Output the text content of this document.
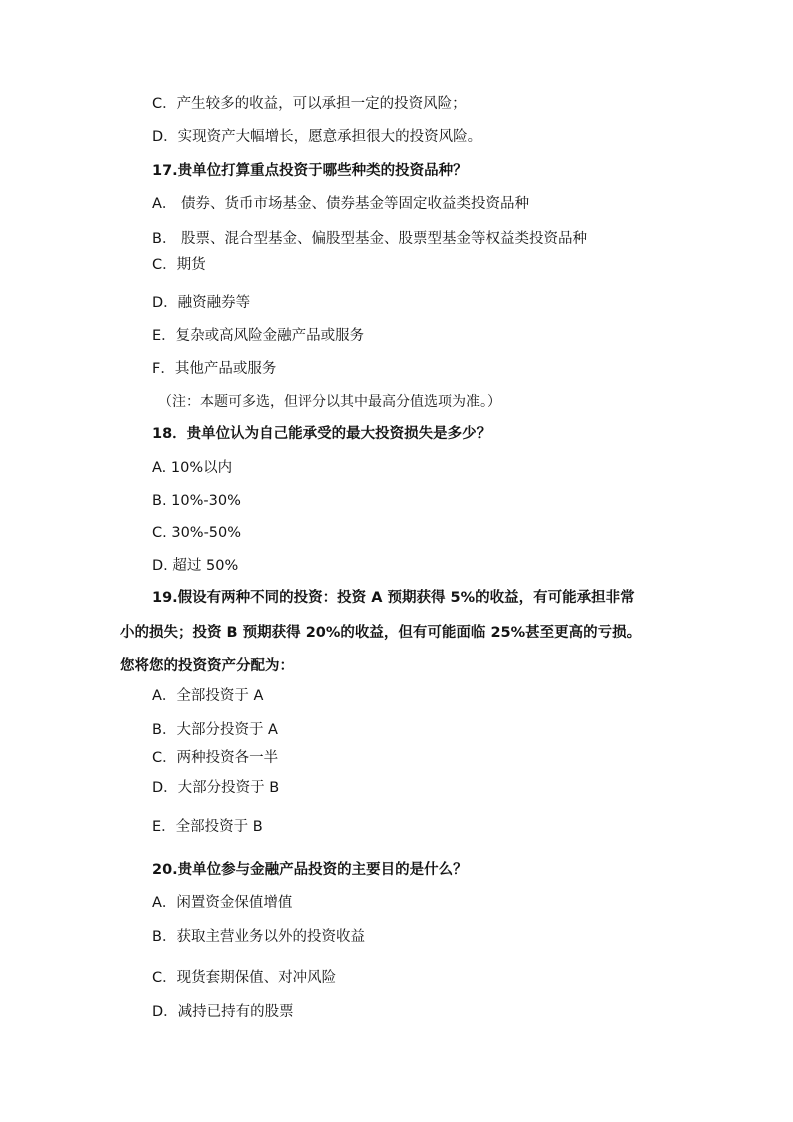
C．产生较多的收益，可以承担一定的投资风险；
D．实现资产大幅增长，愿意承担很大的投资风险。
17.贵单位打算重点投资于哪些种类的投资品种？
A． 债券、货币市场基金、债券基金等固定收益类投资品种
B． 股票、混合型基金、偏股型基金、股票型基金等权益类投资品种
C．期货
D．融资融券等
E．复杂或高风险金融产品或服务
F．其他产品或服务
（注：本题可多选，但评分以其中最高分值选项为准。）
18．贵单位认为自己能承受的最大投资损失是多少？
A. 10%以内
B. 10%-30%
C. 30%-50%
D. 超过 50%
19.假设有两种不同的投资：投资 A 预期获得 5%的收益，有可能承担非常
小的损失；投资 B 预期获得 20%的收益，但有可能面临 25%甚至更高的亏损。
您将您的投资资产分配为：
A．全部投资于 A
B．大部分投资于 A
C．两种投资各一半
D．大部分投资于 B
E．全部投资于 B
20.贵单位参与金融产品投资的主要目的是什么？
A．闲置资金保值增值
B．获取主营业务以外的投资收益
C．现货套期保值、对冲风险
D．减持已持有的股票
